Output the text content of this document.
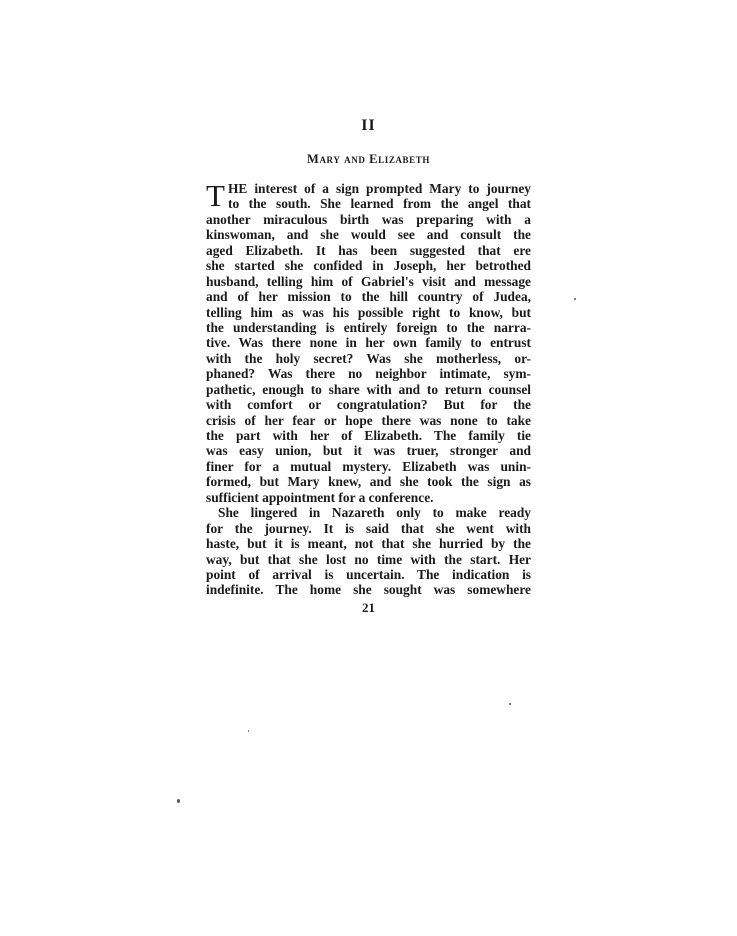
II
Mary and Elizabeth
T HE interest of a sign prompted Mary to journey
to the south. She learned from the angel that
another miraculous birth was preparing with a
kinswoman, and she would see and consult the
aged Elizabeth. It has been suggested that ere
she started she confided in Joseph, her betrothed
husband, telling him of Gabriel's visit and message
and of her mission to the hill country of Judea,
telling him as was his possible right to know, but
the understanding is entirely foreign to the narra-
tive. Was there none in her own family to entrust
with the holy secret? Was she motherless, or-
phaned? Was there no neighbor intimate, sym-
pathetic, enough to share with and to return counsel
with comfort or congratulation? But for the
crisis of her fear or hope there was none to take
the part with her of Elizabeth. The family tie
was easy union, but it was truer, stronger and
finer for a mutual mystery. Elizabeth was unin-
formed, but Mary knew, and she took the sign as
sufficient appointment for a conference.
She lingered in Nazareth only to make ready
for the journey. It is said that she went with
haste, but it is meant, not that she hurried by the
way, but that she lost no time with the start. Her
point of arrival is uncertain. The indication is
indefinite. The home she sought was somewhere
21
